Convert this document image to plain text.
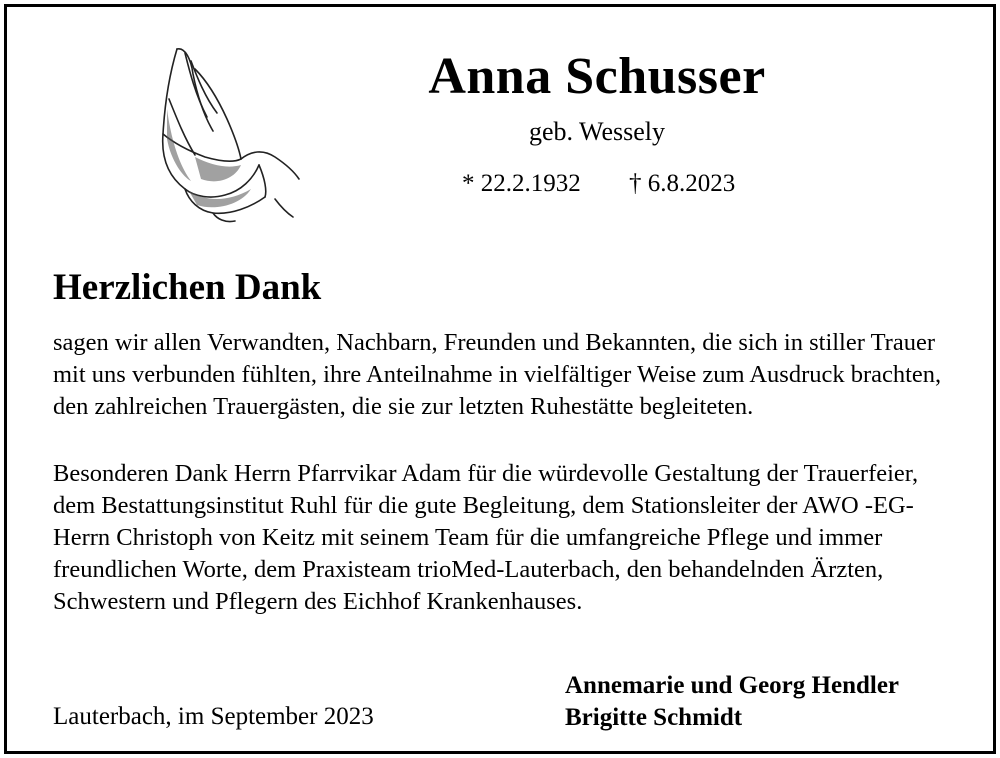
Anna Schusser
geb. Wessely
* 22.2.1932 † 6.8.2023
Herzlichen Dank

sagen wir allen Verwandten, Nachbarn, Freunden und Bekannten, die sich in stiller Trauer mit uns verbunden fühlten, ihre Anteilnahme in vielfältiger Weise zum Ausdruck brachten, den zahlreichen Trauergästen, die sie zur letzten Ruhestätte begleiteten.

Besonderen Dank Herrn Pfarrvikar Adam für die würdevolle Gestaltung der Trauerfeier, dem Bestattungsinstitut Ruhl für die gute Begleitung, dem Stationsleiter der AWO -EG- Herrn Christoph von Keitz mit seinem Team für die umfangreiche Pflege und immer freundlichen Worte, dem Praxisteam trioMed-Lauterbach, den behandelnden Ärzten, Schwestern und Pflegern des Eichhof Krankenhauses.

Lauterbach, im September 2023
Annemarie und Georg Hendler
Brigitte Schmidt
